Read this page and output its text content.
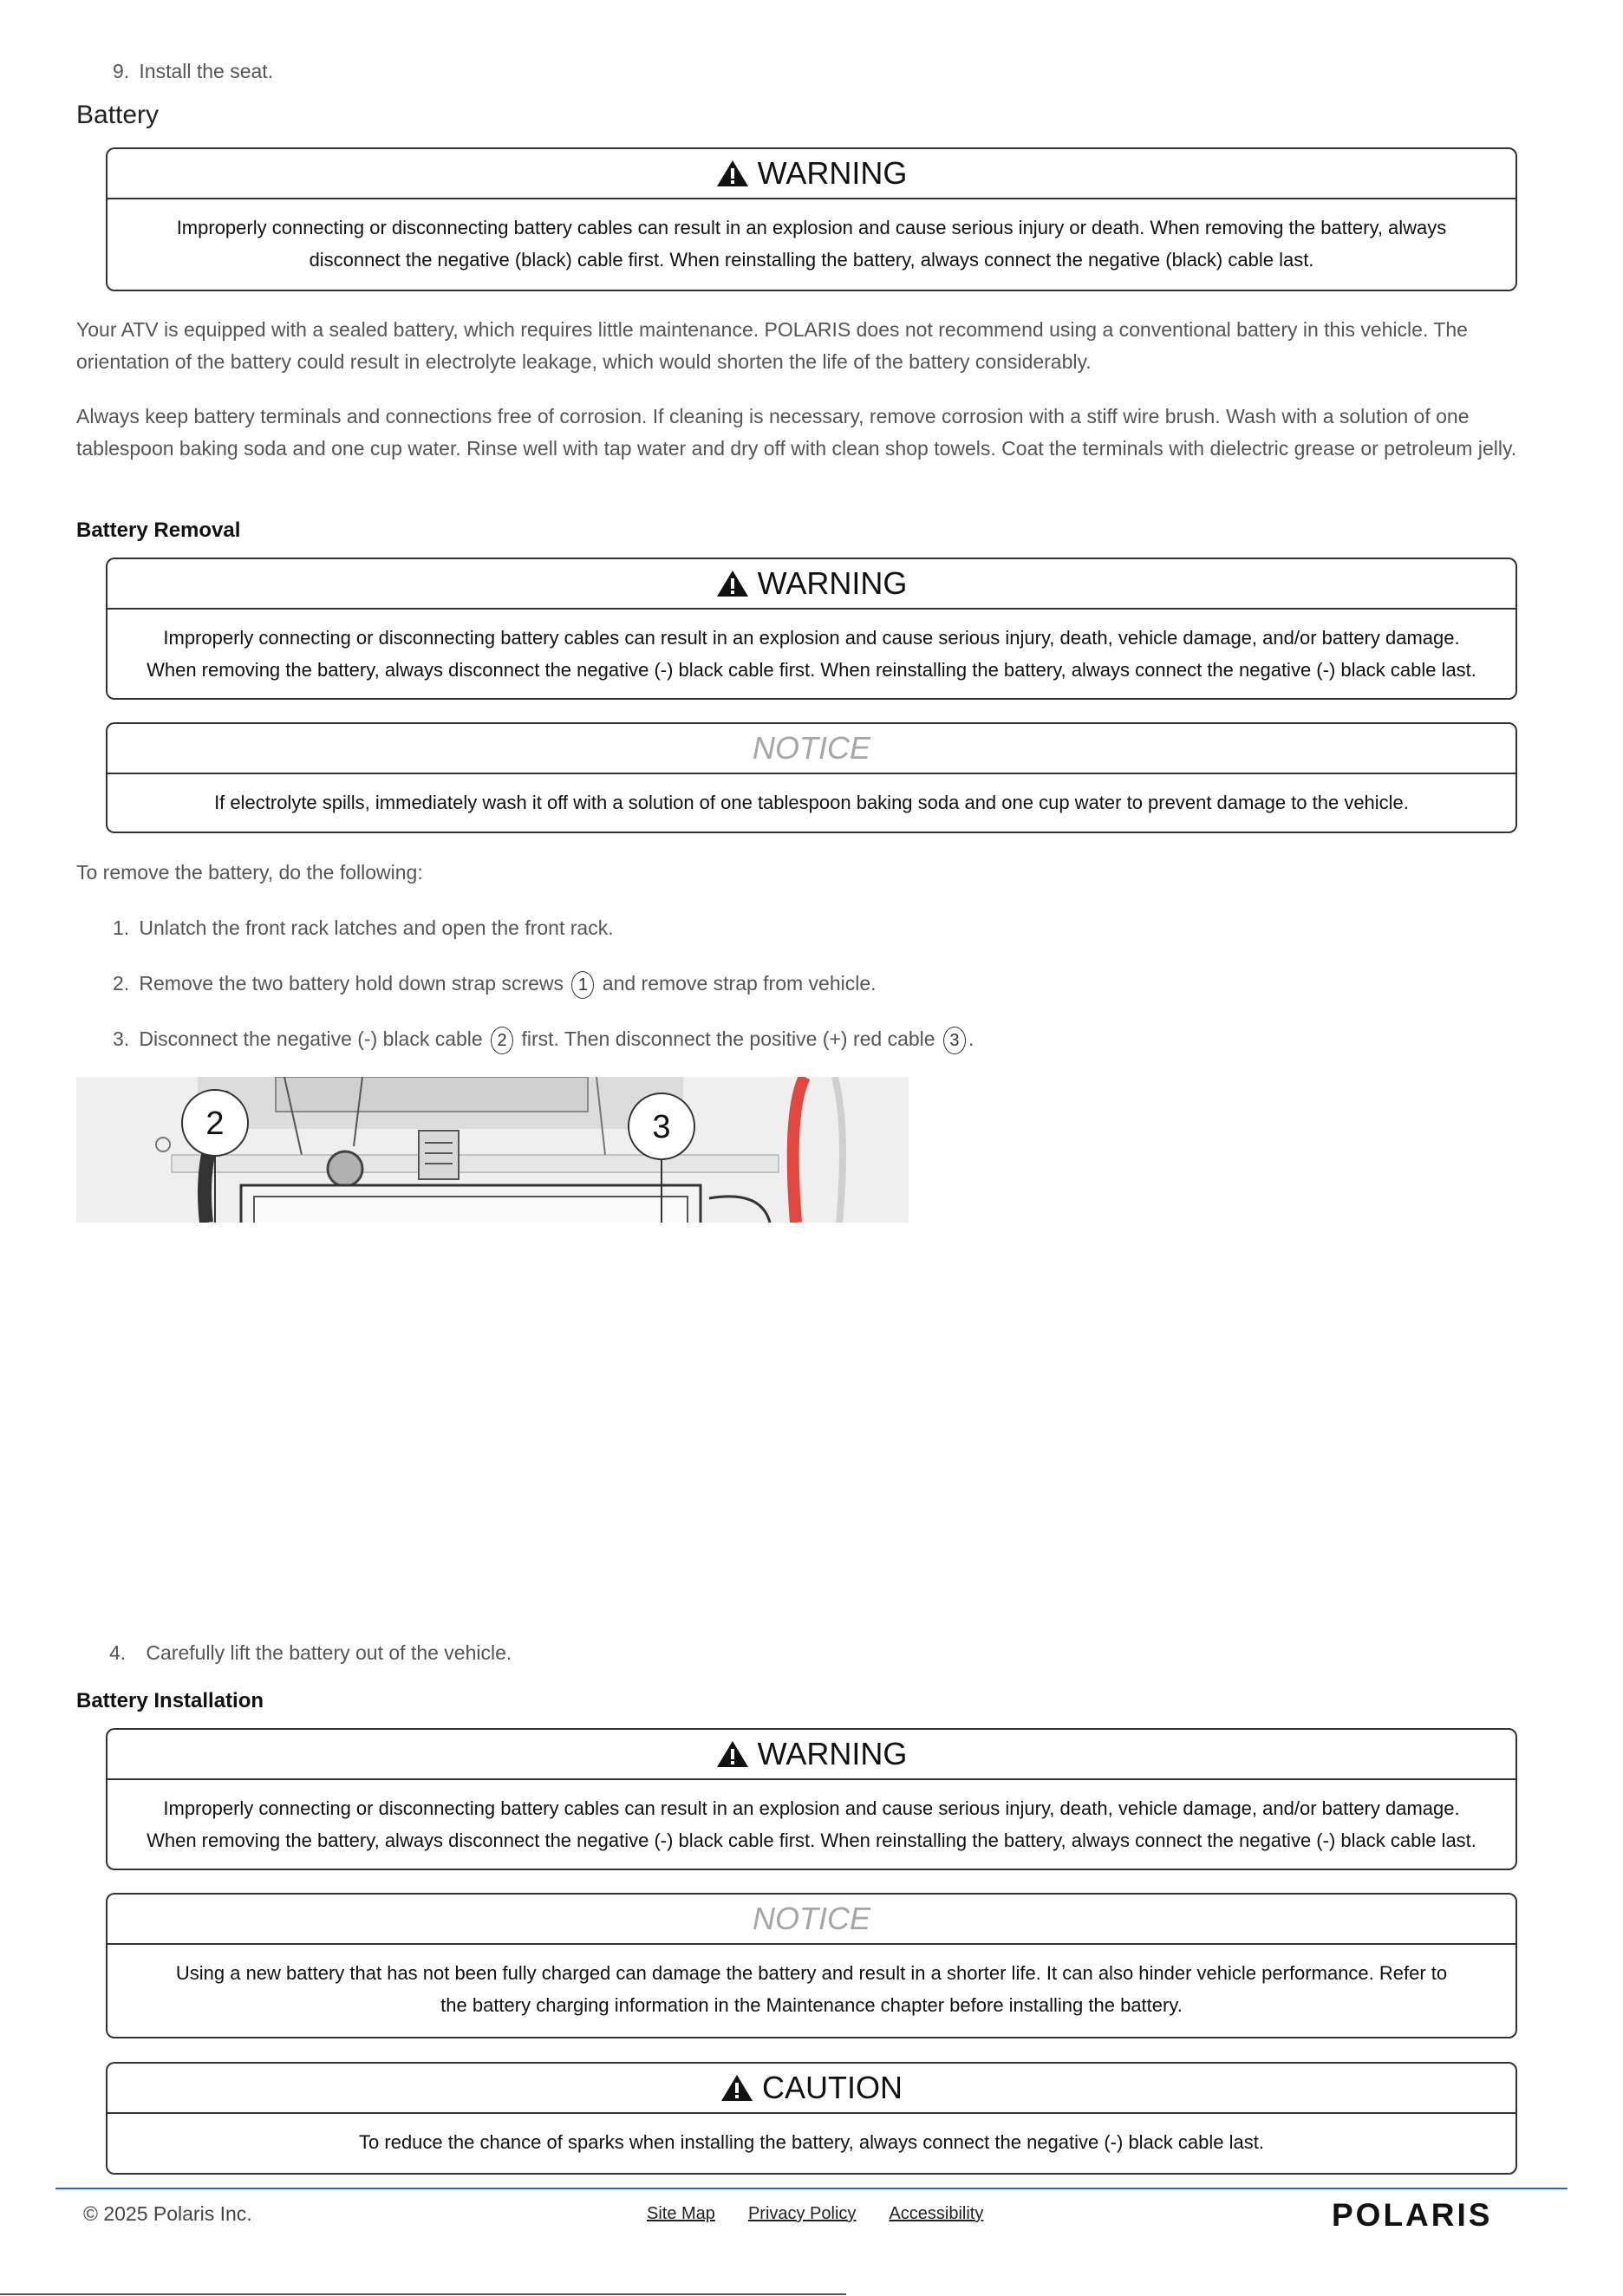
9. Install the seat.
Battery
WARNING
Improperly connecting or disconnecting battery cables can result in an explosion and cause serious injury or death. When removing the battery, always
disconnect the negative (black) cable first. When reinstalling the battery, always connect the negative (black) cable last.
Your ATV is equipped with a sealed battery, which requires little maintenance. POLARIS does not recommend using a conventional battery in this vehicle. The orientation of the battery could result in electrolyte leakage, which would shorten the life of the battery considerably.
Always keep battery terminals and connections free of corrosion. If cleaning is necessary, remove corrosion with a stiff wire brush. Wash with a solution of one tablespoon baking soda and one cup water. Rinse well with tap water and dry off with clean shop towels. Coat the terminals with dielectric grease or petroleum jelly.
Battery Removal
WARNING
Improperly connecting or disconnecting battery cables can result in an explosion and cause serious injury, death, vehicle damage, and/or battery damage.
When removing the battery, always disconnect the negative (-) black cable first. When reinstalling the battery, always connect the negative (-) black cable last.
NOTICE
If electrolyte spills, immediately wash it off with a solution of one tablespoon baking soda and one cup water to prevent damage to the vehicle.
To remove the battery, do the following:
1. Unlatch the front rack latches and open the front rack.
2. Remove the two battery hold down strap screws 1 and remove strap from vehicle.
3. Disconnect the negative (-) black cable 2 first. Then disconnect the positive (+) red cable 3 .
2	3
4. Carefully lift the battery out of the vehicle.
Battery Installation
WARNING
Improperly connecting or disconnecting battery cables can result in an explosion and cause serious injury, death, vehicle damage, and/or battery damage.
When removing the battery, always disconnect the negative (-) black cable first. When reinstalling the battery, always connect the negative (-) black cable last.
NOTICE
Using a new battery that has not been fully charged can damage the battery and result in a shorter life. It can also hinder vehicle performance. Refer to
the battery charging information in the Maintenance chapter before installing the battery.
CAUTION
To reduce the chance of sparks when installing the battery, always connect the negative (-) black cable last.
© 2025 Polaris Inc.	Site Map Privacy Policy Accessibility	POLARIS
